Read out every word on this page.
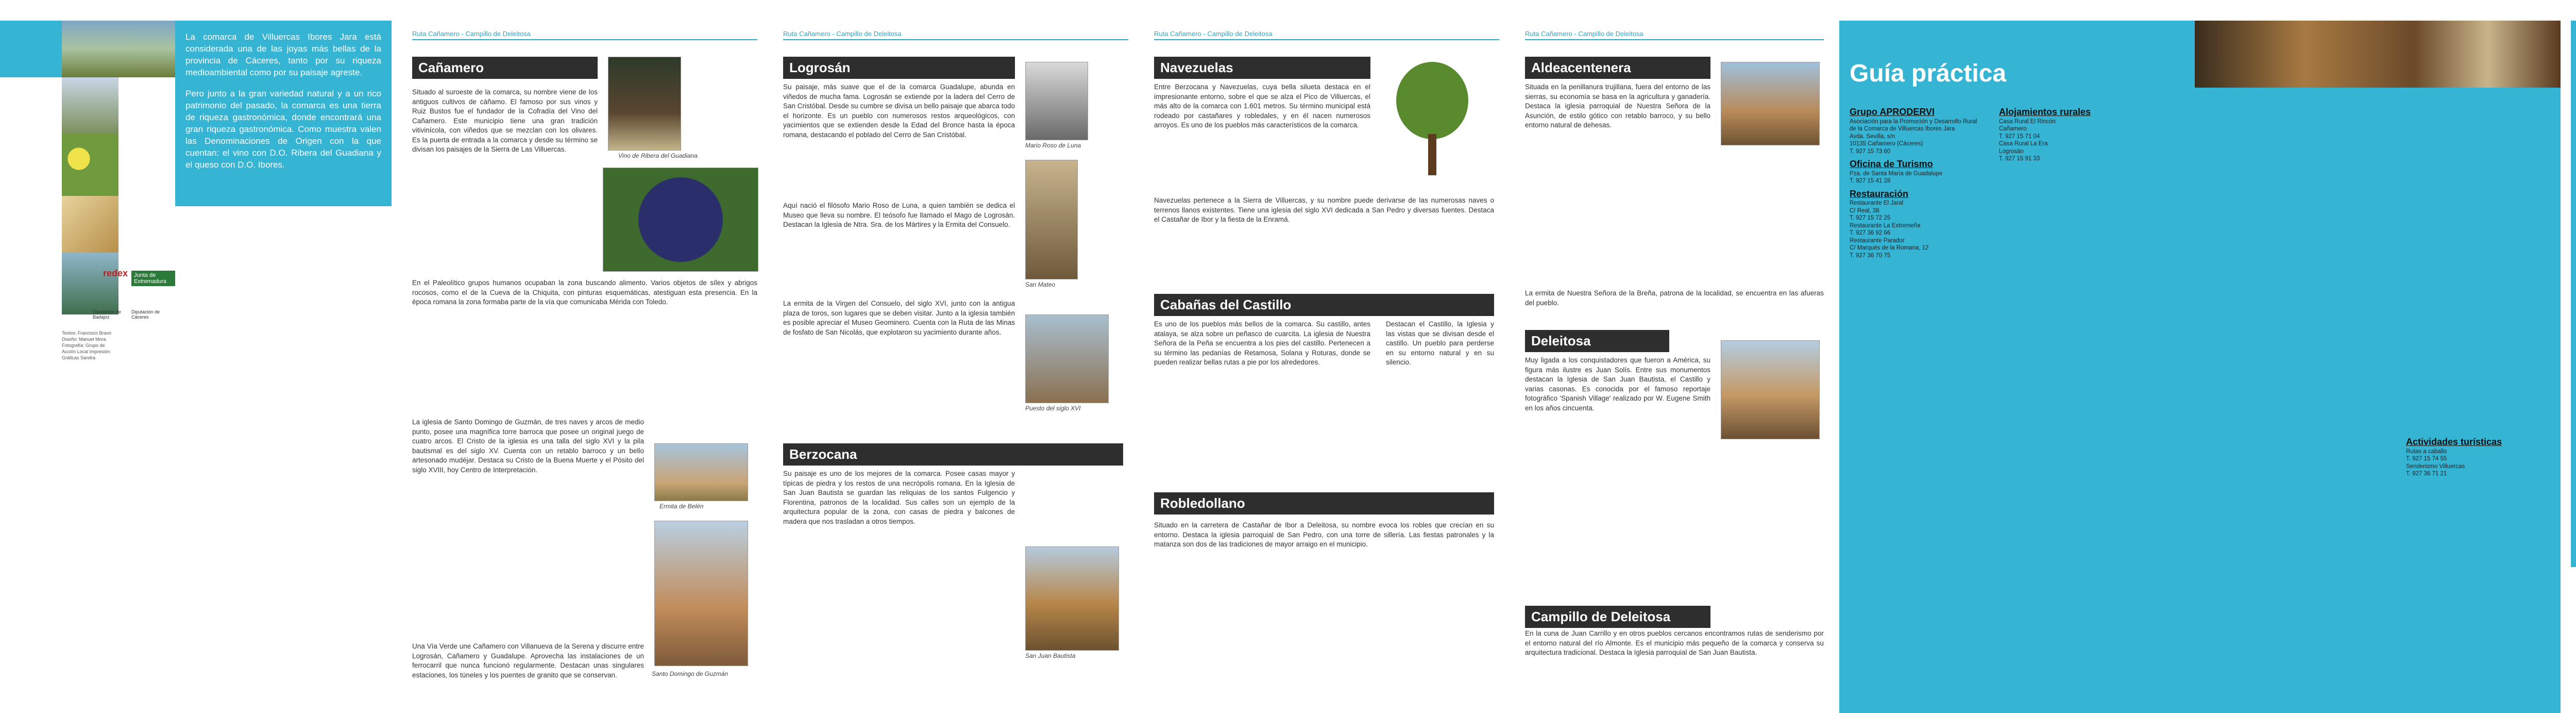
redex	Junta de Extremadura
Diputación de Badajoz
Diputación de Cáceres
Textos: Francisco Bravo Diseño: Manuel Mora Fotografía: Grupo de Acción Local Impresión: Gráficas Sandra
La comarca de Villuercas Ibores Jara está considerada una de las joyas más bellas de la provincia de Cáceres, tanto por su riqueza medioambiental como por su paisaje agreste.
Pero junto a la gran variedad natural y a un rico patrimonio del pasado, la comarca es una tierra de riqueza gastronómica, donde encontrará una gran riqueza gastronómica. Como muestra valen las Denominaciones de Origen con la que cuentan: el vino con D.O. Ribera del Guadiana y el queso con D.O. Ibores.
Ruta Cañamero - Campillo de Deleitosa
Cañamero
Situado al suroeste de la comarca, su nombre viene de los antiguos cultivos de cáñamo. El famoso por sus vinos y Ruiz Bustos fue el fundador de la Cofradía del Vino del Cañamero. Este municipio tiene una gran tradición vitivinícola, con viñedos que se mezclan con los olivares. Es la puerta de entrada a la comarca y desde su término se divisan los paisajes de la Sierra de Las Villuercas.
Vino de Ribera del Guadiana
En el Paleolítico grupos humanos ocupaban la zona buscando alimento. Varios objetos de sílex y abrigos rocosos, como el de la Cueva de la Chiquita, con pinturas esquemáticas, atestiguan esta presencia. En la época romana la zona formaba parte de la vía que comunicaba Mérida con Toledo.
La iglesia de Santo Domingo de Guzmán, de tres naves y arcos de medio punto, posee una magnífica torre barroca que posee un original juego de cuatro arcos. El Cristo de la iglesia es una talla del siglo XVI y la pila bautismal es del siglo XV. Cuenta con un retablo barroco y un bello artesonado mudéjar. Destaca su Cristo de la Buena Muerte y el Pósito del siglo XVIII, hoy Centro de Interpretación.
Ermita de Belén
Santo Domingo de Guzmán
Una Vía Verde une Cañamero con Villanueva de la Serena y discurre entre Logrosán, Cañamero y Guadalupe. Aprovecha las instalaciones de un ferrocarril que nunca funcionó regularmente. Destacan unas singulares estaciones, los túneles y los puentes de granito que se conservan.
Ruta Cañamero - Campillo de Deleitosa
Logrosán
Su paisaje, más suave que el de la comarca Guadalupe, abunda en viñedos de mucha fama. Logrosán se extiende por la ladera del Cerro de San Cristóbal. Desde su cumbre se divisa un bello paisaje que abarca todo el horizonte. Es un pueblo con numerosos restos arqueológicos, con yacimientos que se extienden desde la Edad del Bronce hasta la época romana, destacando el poblado del Cerro de San Cristóbal.
Mario Roso de Luna
San Mateo
Aquí nació el filósofo Mario Roso de Luna, a quien también se dedica el Museo que lleva su nombre. El teósofo fue llamado el Mago de Logrosán. Destacan la Iglesia de Ntra. Sra. de los Mártires y la Ermita del Consuelo.
La ermita de la Virgen del Consuelo, del siglo XVI, junto con la antigua plaza de toros, son lugares que se deben visitar. Junto a la iglesia también es posible apreciar el Museo Geominero. Cuenta con la Ruta de las Minas de fosfato de San Nicolás, que explotaron su yacimiento durante años.
Puesto del siglo XVI
Berzocana
Su paisaje es uno de los mejores de la comarca. Posee casas mayor y típicas de piedra y los restos de una necrópolis romana. En la Iglesia de San Juan Bautista se guardan las reliquias de los santos Fulgencio y Florentina, patronos de la localidad. Sus calles son un ejemplo de la arquitectura popular de la zona, con casas de piedra y balcones de madera que nos trasladan a otros tiempos.
San Juan Bautista
Ruta Cañamero - Campillo de Deleitosa
Navezuelas
Entre Berzocana y Navezuelas, cuya bella silueta destaca en el impresionante entorno, sobre el que se alza el Pico de Villuercas, el más alto de la comarca con 1.601 metros. Su término municipal está rodeado por castañares y robledales, y en él nacen numerosos arroyos. Es uno de los pueblos más característicos de la comarca.
Navezuelas pertenece a la Sierra de Villuercas, y su nombre puede derivarse de las numerosas naves o terrenos llanos existentes. Tiene una iglesia del siglo XVI dedicada a San Pedro y diversas fuentes. Destaca el Castañar de Ibor y la fiesta de la Enramá.
Cabañas del Castillo
Es uno de los pueblos más bellos de la comarca. Su castillo, antes atalaya, se alza sobre un peñasco de cuarcita. La iglesia de Nuestra Señora de la Peña se encuentra a los pies del castillo. Pertenecen a su término las pedanías de Retamosa, Solana y Roturas, donde se pueden realizar bellas rutas a pie por los alrededores.
Destacan el Castillo, la Iglesia y las vistas que se divisan desde el castillo. Un pueblo para perderse en su entorno natural y en su silencio.
Robledollano
Situado en la carretera de Castañar de Ibor a Deleitosa, su nombre evoca los robles que crecían en su entorno. Destaca la iglesia parroquial de San Pedro, con una torre de sillería. Las fiestas patronales y la matanza son dos de las tradiciones de mayor arraigo en el municipio.
Ruta Cañamero - Campillo de Deleitosa
Aldeacentenera
Situada en la penillanura trujillana, fuera del entorno de las sierras, su economía se basa en la agricultura y ganadería. Destaca la iglesia parroquial de Nuestra Señora de la Asunción, de estilo gótico con retablo barroco, y su bello entorno natural de dehesas.
La ermita de Nuestra Señora de la Breña, patrona de la localidad, se encuentra en las afueras del pueblo.
Deleitosa
Muy ligada a los conquistadores que fueron a América, su figura más ilustre es Juan Solís. Entre sus monumentos destacan la Iglesia de San Juan Bautista, el Castillo y varias casonas. Es conocida por el famoso reportaje fotográfico 'Spanish Village' realizado por W. Eugene Smith en los años cincuenta.
Campillo de Deleitosa
En la cuna de Juan Carrillo y en otros pueblos cercanos encontramos rutas de senderismo por el entorno natural del río Almonte. Es el municipio más pequeño de la comarca y conserva su arquitectura tradicional. Destaca la Iglesia parroquial de San Juan Bautista.
Guía práctica
Grupo APRODERVI
Asociación para la Promoción y Desarrollo Rural de la Comarca de Villuercas Ibores Jara
Avda. Sevilla, s/n
10135 Cañamero (Cáceres)
T. 927 15 73 60
Oficina de Turismo
Pza. de Santa María de Guadalupe
T. 927 15 41 28
Restauración
Restaurante El Jaral
C/ Real, 38
T. 927 15 72 25
Restaurante La Extremeña
T. 927 36 92 66
Restaurante Parador
C/ Marqués de la Romana, 12
T. 927 36 70 75
Alojamientos rurales
Casa Rural El Rincón
Cañamero
T. 927 15 71 04
Casa Rural La Era
Logrosán
T. 927 15 91 33
Actividades turísticas
Rutas a caballo
T. 927 15 74 55
Senderismo Villuercas
T. 927 36 71 21
